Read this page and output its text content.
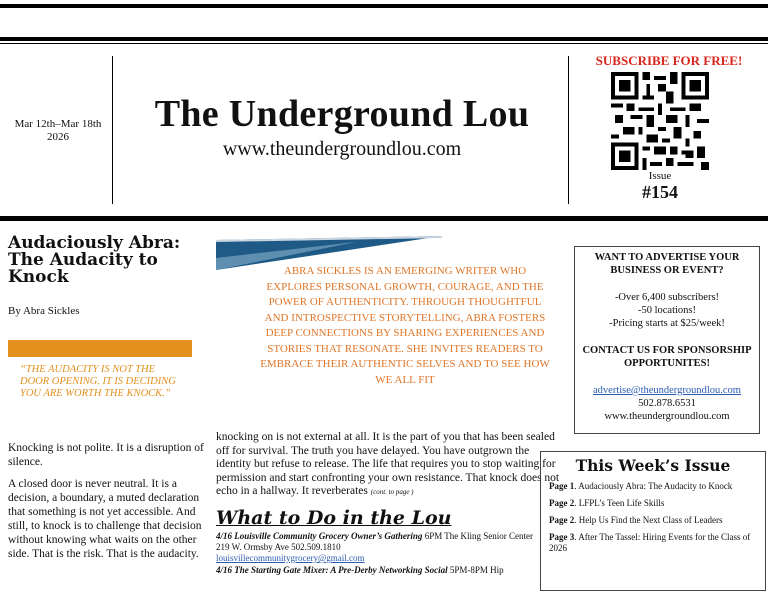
Mar 12th–Mar 18th 2026
The Underground Lou
www.theundergroundlou.com
SUBSCRIBE FOR FREE!
Issue
#154
Audaciously Abra: The Audacity to Knock
By Abra Sickles
“THE AUDACITY IS NOT THE DOOR OPENING. IT IS DECIDING YOU ARE WORTH THE KNOCK.”
Knocking is not polite. It is a disruption of silence.
A closed door is never neutral. It is a decision, a boundary, a muted declaration that something is not yet accessible. And still, to knock is to challenge that decision without knowing what waits on the other side. That is the risk. That is the audacity.
ABRA SICKLES IS AN EMERGING WRITER WHO EXPLORES PERSONAL GROWTH, COURAGE, AND THE POWER OF AUTHENTICITY. THROUGH THOUGHTFUL AND INTROSPECTIVE STORYTELLING, ABRA FOSTERS DEEP CONNECTIONS BY SHARING EXPERIENCES AND STORIES THAT RESONATE. SHE INVITES READERS TO EMBRACE THEIR AUTHENTIC SELVES AND TO SEE HOW WE ALL FIT
knocking on is not external at all. It is the part of you that has been sealed off for survival. The truth you have delayed. You have outgrown the identity but refuse to release. The life that requires you to stop waiting for permission and start confronting your own resistance. That knock does not echo in a hallway. It reverberates (cont. to page )
What to Do in the Lou
4/16 Louisville Community Grocery Owner’s Gathering 6PM The Kling Senior Center 219 W. Ormsby Ave 502.509.1810
louisvillecommunitygrocery@gmail.com
4/16 The Starting Gate Mixer: A Pre-Derby Networking Social 5PM-8PM Hip
WANT TO ADVERTISE YOUR BUSINESS OR EVENT?
-Over 6,400 subscribers!
-50 locations!
-Pricing starts at $25/week!
CONTACT US FOR SPONSORSHIP OPPORTUNITES!
advertise@theundergroundlou.com
502.878.6531
www.theundergroundlou.com
This Week’s Issue
Page 1. Audaciously Abra: The Audacity to Knock
Page 2. LFPL’s Teen Life Skills
Page 2. Help Us Find the Next Class of Leaders
Page 3. After The Tassel: Hiring Events for the Class of 2026
